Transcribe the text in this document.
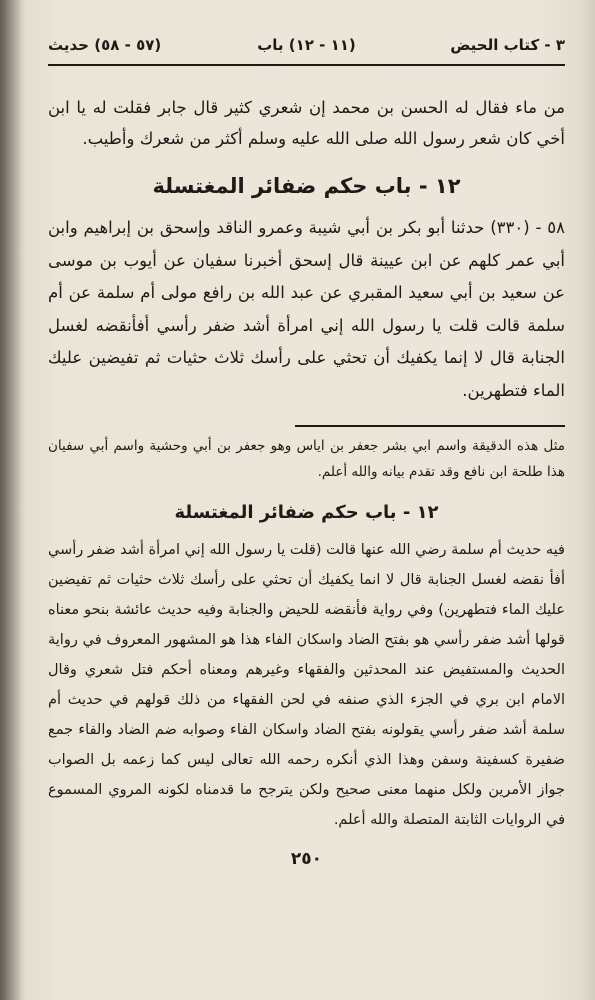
٣ - كتاب الحيض
(١١ - ١٢) باب
(٥٧ - ٥٨) حديث

من ماء فقال له الحسن بن محمد إن شعري كثير قال جابر فقلت له يا ابن أخي كان شعر رسول الله صلى الله عليه وسلم أكثر من شعرك وأطيب.

١٢ - باب حكم ضفائر المغتسلة

٥٨ - (٣٣٠) حدثنا أبو بكر بن أبي شيبة وعمرو الناقد وإسحق بن إبراهيم وابن أبي عمر كلهم عن ابن عيينة قال إسحق أخبرنا سفيان عن أيوب بن موسى عن سعيد بن أبي سعيد المقبري عن عبد الله بن رافع مولى أم سلمة عن أم سلمة قالت قلت يا رسول الله إني امرأة أشد ضفر رأسي أفأنقضه لغسل الجنابة قال لا إنما يكفيك أن تحثي على رأسك ثلاث حثيات ثم تفيضين عليك الماء فتطهرين.

مثل هذه الدقيقة واسم ابي بشر جعفر بن اياس وهو جعفر بن أبي وحشية واسم أبي سفيان هذا طلحة ابن نافع وقد تقدم بيانه والله أعلم.

١٢ - باب حكم ضفائر المغتسلة

فيه حديث أم سلمة رضي الله عنها قالت (قلت يا رسول الله إني امرأة أشد ضفر رأسي أفأ نقضه لغسل الجنابة قال لا انما يكفيك أن تحثي على رأسك ثلاث حثيات ثم تفيضين عليك الماء فتطهرين) وفي رواية فأنقضه للحيض والجنابة وفيه حديث عائشة بنحو معناه قولها أشد ضفر رأسي هو بفتح الضاد واسكان الفاء هذا هو المشهور المعروف في رواية الحديث والمستفيض عند المحدثين والفقهاء وغيرهم ومعناه أحكم فتل شعري وقال الامام ابن بري في الجزء الذي صنفه في لحن الفقهاء من ذلك قولهم في حديث أم سلمة أشد ضفر رأسي يقولونه بفتح الضاد واسكان الفاء وصوابه ضم الضاد والفاء جمع ضفيرة كسفينة وسفن وهذا الذي أنكره رحمه الله تعالى ليس كما زعمه بل الصواب جواز الأمرين ولكل منهما معنى صحيح ولكن يترجح ما قدمناه لكونه المروي المسموع في الروايات الثابتة المتصلة والله أعلم.

٢٥٠
